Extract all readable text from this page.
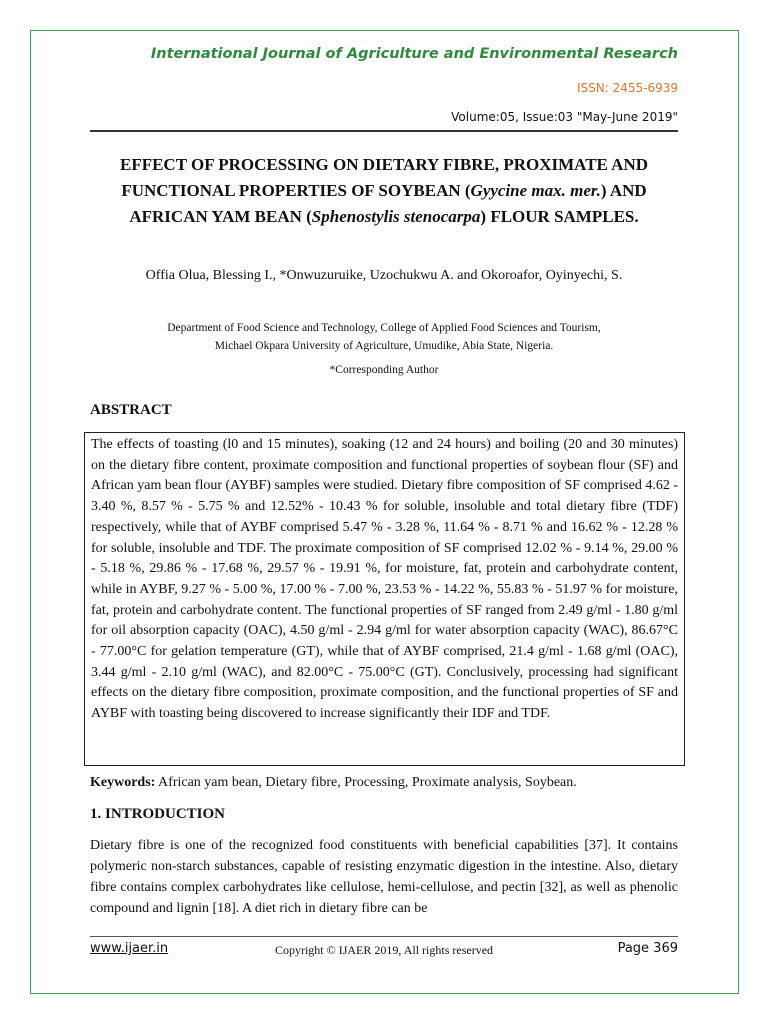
International Journal of Agriculture and Environmental Research
ISSN: 2455-6939
Volume:05, Issue:03 "May-June 2019"
EFFECT OF PROCESSING ON DIETARY FIBRE, PROXIMATE AND FUNCTIONAL PROPERTIES OF SOYBEAN (Gyycine max. mer.) AND AFRICAN YAM BEAN (Sphenostylis stenocarpa) FLOUR SAMPLES.
Offia Olua, Blessing I., *Onwuzuruike, Uzochukwu A. and Okoroafor, Oyinyechi, S.
Department of Food Science and Technology, College of Applied Food Sciences and Tourism,
Michael Okpara University of Agriculture, Umudike, Abia State, Nigeria.
*Corresponding Author
ABSTRACT
The effects of toasting (l0 and 15 minutes), soaking (12 and 24 hours) and boiling (20 and 30 minutes) on the dietary fibre content, proximate composition and functional properties of soybean flour (SF) and African yam bean flour (AYBF) samples were studied. Dietary fibre composition of SF comprised 4.62 - 3.40 %, 8.57 % - 5.75 % and 12.52% - 10.43 % for soluble, insoluble and total dietary fibre (TDF) respectively, while that of AYBF comprised 5.47 % - 3.28 %, 11.64 % - 8.71 % and 16.62 % - 12.28 % for soluble, insoluble and TDF. The proximate composition of SF comprised 12.02 % - 9.14 %, 29.00 % - 5.18 %, 29.86 % - 17.68 %, 29.57 % - 19.91 %, for moisture, fat, protein and carbohydrate content, while in AYBF, 9.27 % - 5.00 %, 17.00 % - 7.00 %, 23.53 % - 14.22 %, 55.83 % - 51.97 % for moisture, fat, protein and carbohydrate content. The functional properties of SF ranged from 2.49 g/ml - 1.80 g/ml for oil absorption capacity (OAC), 4.50 g/ml - 2.94 g/ml for water absorption capacity (WAC), 86.67°C - 77.00°C for gelation temperature (GT), while that of AYBF comprised, 21.4 g/ml - 1.68 g/ml (OAC), 3.44 g/ml - 2.10 g/ml (WAC), and 82.00°C - 75.00°C (GT). Conclusively, processing had significant effects on the dietary fibre composition, proximate composition, and the functional properties of SF and AYBF with toasting being discovered to increase significantly their IDF and TDF.
Keywords: African yam bean, Dietary fibre, Processing, Proximate analysis, Soybean.
1. INTRODUCTION
Dietary fibre is one of the recognized food constituents with beneficial capabilities [37]. It contains polymeric non-starch substances, capable of resisting enzymatic digestion in the intestine. Also, dietary fibre contains complex carbohydrates like cellulose, hemi-cellulose, and pectin [32], as well as phenolic compound and lignin [18]. A diet rich in dietary fibre can be
www.ijaer.in	Copyright © IJAER 2019, All rights reserved	Page 369
